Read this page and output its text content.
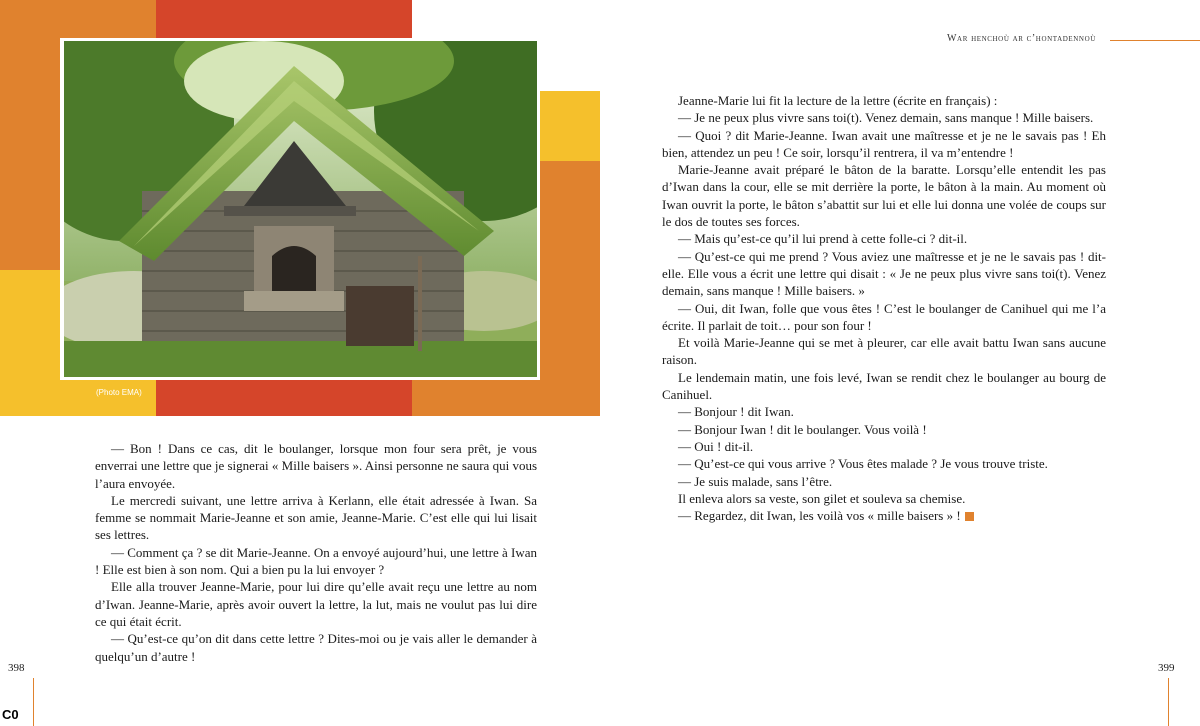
(Photo EMA)
War henchoù ar c’hontadennoù

— Bon ! Dans ce cas, dit le boulanger, lorsque mon four sera prêt, je vous enverrai une lettre que je signerai « Mille baisers ». Ainsi personne ne saura qui vous l’aura envoyée.

Le mercredi suivant, une lettre arriva à Kerlann, elle était adressée à Iwan. Sa femme se nommait Marie-Jeanne et son amie, Jeanne-Marie. C’est elle qui lui lisait ses lettres.

— Comment ça ? se dit Marie-Jeanne. On a envoyé aujourd’hui, une lettre à Iwan ! Elle est bien à son nom. Qui a bien pu la lui envoyer ?

Elle alla trouver Jeanne-Marie, pour lui dire qu’elle avait reçu une lettre au nom d’Iwan. Jeanne-Marie, après avoir ouvert la lettre, la lut, mais ne voulut pas lui dire ce qui était écrit.

— Qu’est-ce qu’on dit dans cette lettre ? Dites-moi ou je vais aller le demander à quelqu’un d’autre !

Jeanne-Marie lui fit la lecture de la lettre (écrite en français) :

— Je ne peux plus vivre sans toi(t). Venez demain, sans manque ! Mille baisers.

— Quoi ? dit Marie-Jeanne. Iwan avait une maîtresse et je ne le savais pas ! Eh bien, attendez un peu ! Ce soir, lorsqu’il rentrera, il va m’entendre !

Marie-Jeanne avait préparé le bâton de la baratte. Lorsqu’elle entendit les pas d’Iwan dans la cour, elle se mit derrière la porte, le bâton à la main. Au moment où Iwan ouvrit la porte, le bâton s’abattit sur lui et elle lui donna une volée de coups sur le dos de toutes ses forces.

— Mais qu’est-ce qu’il lui prend à cette folle-ci ? dit-il.

— Qu’est-ce qui me prend ? Vous aviez une maîtresse et je ne le savais pas ! dit-elle. Elle vous a écrit une lettre qui disait : « Je ne peux plus vivre sans toi(t). Venez demain, sans manque ! Mille baisers. »

— Oui, dit Iwan, folle que vous êtes ! C’est le boulanger de Canihuel qui me l’a écrite. Il parlait de toit… pour son four !

Et voilà Marie-Jeanne qui se met à pleurer, car elle avait battu Iwan sans aucune raison.

Le lendemain matin, une fois levé, Iwan se rendit chez le boulanger au bourg de Canihuel.

— Bonjour ! dit Iwan.

— Bonjour Iwan ! dit le boulanger. Vous voilà !

— Oui ! dit-il.

— Qu’est-ce qui vous arrive ? Vous êtes malade ? Je vous trouve triste.

— Je suis malade, sans l’être.

Il enleva alors sa veste, son gilet et souleva sa chemise.

— Regardez, dit Iwan, les voilà vos « mille baisers » !

398	399
C0
